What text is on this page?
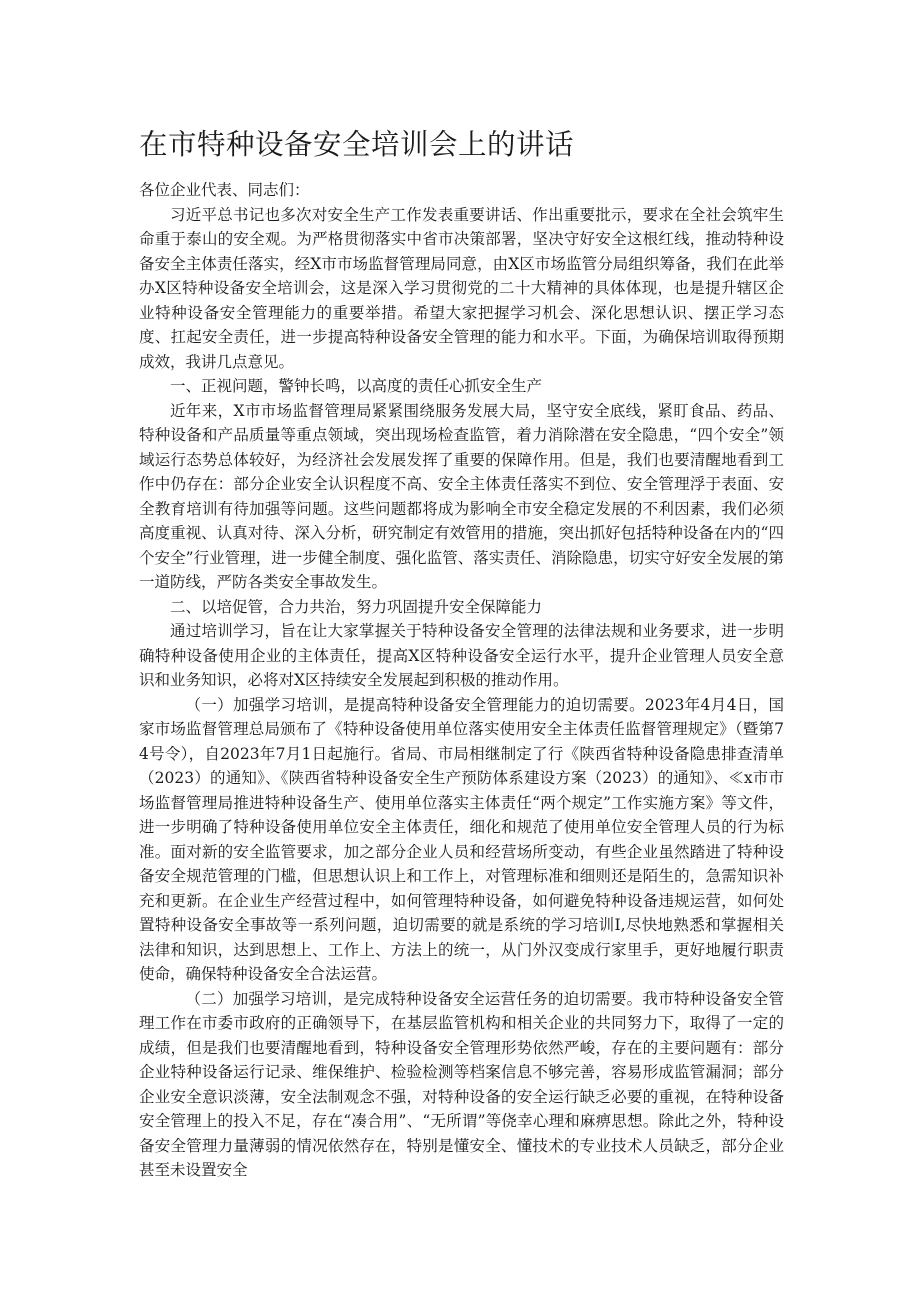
在市特种设备安全培训会上的讲话

各位企业代表、同志们：

习近平总书记也多次对安全生产工作发表重要讲话、作出重要批示，要求在全社会筑牢生命重于泰山的安全观。为严格贯彻落实中省市决策部署，坚决守好安全这根红线，推动特种设备安全主体责任落实，经X市市场监督管理局同意，由X区市场监管分局组织筹备，我们在此举办X区特种设备安全培训会，这是深入学习贯彻党的二十大精神的具体体现，也是提升辖区企业特种设备安全管理能力的重要举措。希望大家把握学习机会、深化思想认识、摆正学习态度、扛起安全责任，进一步提高特种设备安全管理的能力和水平。下面，为确保培训取得预期成效，我讲几点意见。

一、正视问题，警钟长鸣，以高度的责任心抓安全生产

近年来，X市市场监督管理局紧紧围绕服务发展大局，坚守安全底线，紧盯食品、药品、特种设备和产品质量等重点领域，突出现场检查监管，着力消除潜在安全隐患，“四个安全”领域运行态势总体较好，为经济社会发展发挥了重要的保障作用。但是，我们也要清醒地看到工作中仍存在：部分企业安全认识程度不高、安全主体责任落实不到位、安全管理浮于表面、安全教育培训有待加强等问题。这些问题都将成为影响全市安全稳定发展的不利因素，我们必须高度重视、认真对待、深入分析，研究制定有效管用的措施，突出抓好包括特种设备在内的“四个安全”行业管理，进一步健全制度、强化监管、落实责任、消除隐患，切实守好安全发展的第一道防线，严防各类安全事故发生。

二、以培促管，合力共治，努力巩固提升安全保障能力

通过培训学习，旨在让大家掌握关于特种设备安全管理的法律法规和业务要求，进一步明确特种设备使用企业的主体责任，提高X区特种设备安全运行水平，提升企业管理人员安全意识和业务知识，必将对X区持续安全发展起到积极的推动作用。

（一）加强学习培训，是提高特种设备安全管理能力的迫切需要。2023年4月4日，国家市场监督管理总局颁布了《特种设备使用单位落实使用安全主体责任监督管理规定》（暨第74号令），自2023年7月1日起施行。省局、市局相继制定了行《陕西省特种设备隐患排查清单（2023）的通知》、《陕西省特种设备安全生产预防体系建设方案（2023）的通知》、≪x市市场监督管理局推进特种设备生产、使用单位落实主体责任“两个规定”工作实施方案》等文件，进一步明确了特种设备使用单位安全主体责任，细化和规范了使用单位安全管理人员的行为标准。面对新的安全监管要求，加之部分企业人员和经营场所变动，有些企业虽然踏进了特种设备安全规范管理的门槛，但思想认识上和工作上，对管理标准和细则还是陌生的，急需知识补充和更新。在企业生产经营过程中，如何管理特种设备，如何避免特种设备违规运营，如何处置特种设备安全事故等一系列问题，迫切需要的就是系统的学习培训I,尽快地熟悉和掌握相关法律和知识，达到思想上、工作上、方法上的统一，从门外汉变成行家里手，更好地履行职责使命，确保特种设备安全合法运营。

（二）加强学习培训，是完成特种设备安全运营任务的迫切需要。我市特种设备安全管理工作在市委市政府的正确领导下，在基层监管机构和相关企业的共同努力下，取得了一定的成绩，但是我们也要清醒地看到，特种设备安全管理形势依然严峻，存在的主要问题有：部分企业特种设备运行记录、维保维护、检验检测等档案信息不够完善，容易形成监管漏洞；部分企业安全意识淡薄，安全法制观念不强，对特种设备的安全运行缺乏必要的重视，在特种设备安全管理上的投入不足，存在“凑合用”、“无所谓”等侥幸心理和麻痹思想。除此之外，特种设备安全管理力量薄弱的情况依然存在，特别是懂安全、懂技术的专业技术人员缺乏，部分企业甚至未设置安全
